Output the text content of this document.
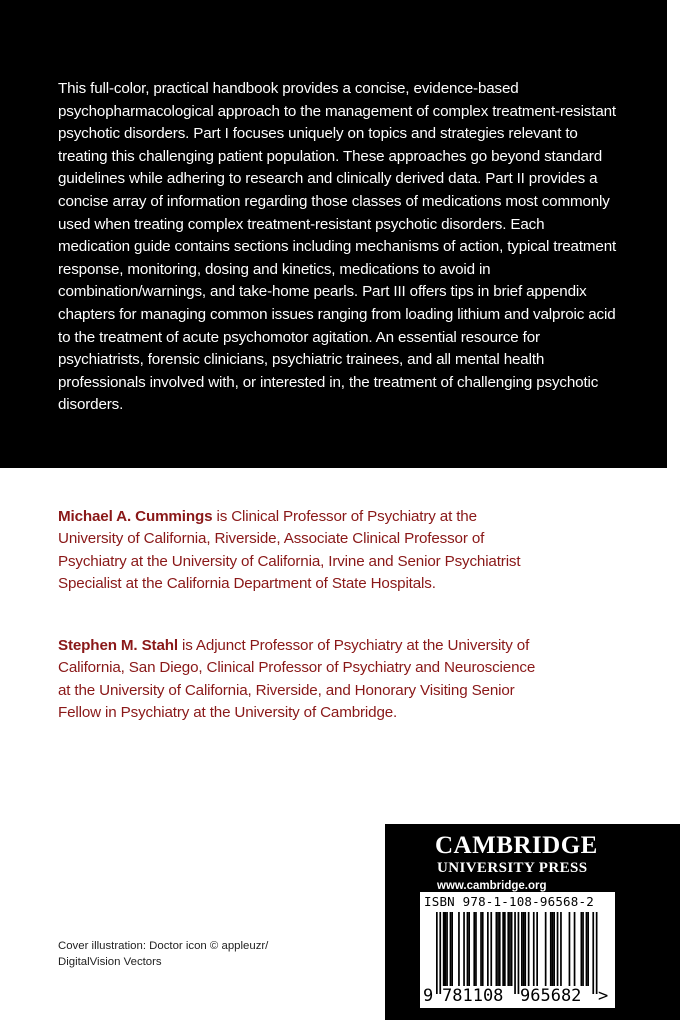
This full-color, practical handbook provides a concise, evidence-based psychopharmacological approach to the management of complex treatment-resistant psychotic disorders. Part I focuses uniquely on topics and strategies relevant to treating this challenging patient population. These approaches go beyond standard guidelines while adhering to research and clinically derived data. Part II provides a concise array of information regarding those classes of medications most commonly used when treating complex treatment-resistant psychotic disorders. Each medication guide contains sections including mechanisms of action, typical treatment response, monitoring, dosing and kinetics, medications to avoid in combination/warnings, and take-home pearls. Part III offers tips in brief appendix chapters for managing common issues ranging from loading lithium and valproic acid to the treatment of acute psychomotor agitation. An essential resource for psychiatrists, forensic clinicians, psychiatric trainees, and all mental health professionals involved with, or interested in, the treatment of challenging psychotic disorders.

Michael A. Cummings is Clinical Professor of Psychiatry at the University of California, Riverside, Associate Clinical Professor of Psychiatry at the University of California, Irvine and Senior Psychiatrist Specialist at the California Department of State Hospitals.

Stephen M. Stahl is Adjunct Professor of Psychiatry at the University of California, San Diego, Clinical Professor of Psychiatry and Neuroscience at the University of California, Riverside, and Honorary Visiting Senior Fellow in Psychiatry at the University of Cambridge.

Cover illustration: Doctor icon © appleuzr/
DigitalVision Vectors

CAMBRIDGE

UNIVERSITY PRESS

www.cambridge.org

ISBN 978-1-108-96568-2

9 781108 965682 >
